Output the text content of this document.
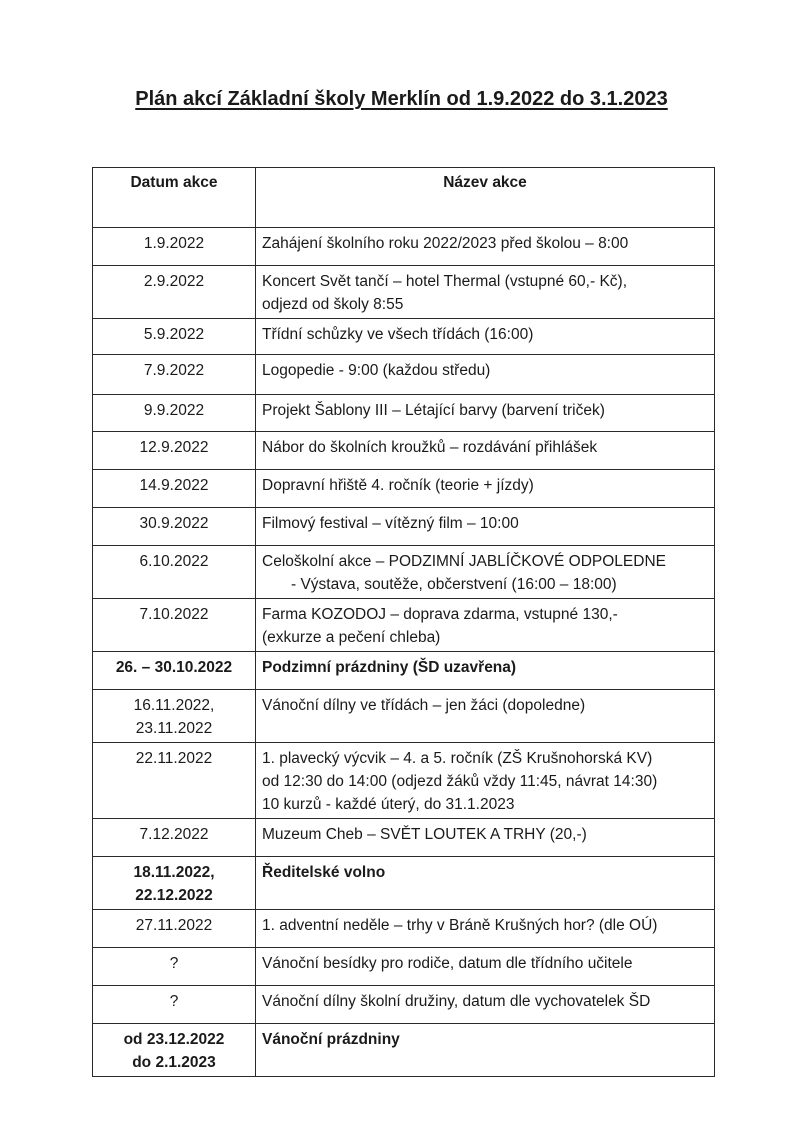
Plán akcí Základní školy Merklín od 1.9.2022 do 3.1.2023
Datum akce	Název akce

1.9.2022	Zahájení školního roku 2022/2023 před školou – 8:00

2.9.2022	Koncert Svět tančí – hotel Thermal (vstupné 60,- Kč),
odjezd od školy 8:55

5.9.2022	Třídní schůzky ve všech třídách (16:00)

7.9.2022	Logopedie - 9:00 (každou středu)

9.9.2022	Projekt Šablony III – Létající barvy (barvení triček)

12.9.2022	Nábor do školních kroužků – rozdávání přihlášek

14.9.2022	Dopravní hřiště 4. ročník (teorie + jízdy)

30.9.2022	Filmový festival – vítězný film – 10:00

6.10.2022	Celoškolní akce – PODZIMNÍ JABLÍČKOVÉ ODPOLEDNE
- Výstava, soutěže, občerstvení (16:00 – 18:00)

7.10.2022	Farma KOZODOJ – doprava zdarma, vstupné 130,-
(exkurze a pečení chleba)

26. – 30.10.2022	Podzimní prázdniny (ŠD uzavřena)

16.11.2022,
23.11.2022	Vánoční dílny ve třídách – jen žáci (dopoledne)

22.11.2022	1. plavecký výcvik – 4. a 5. ročník (ZŠ Krušnohorská KV)
od 12:30 do 14:00 (odjezd žáků vždy 11:45, návrat 14:30)
10 kurzů - každé úterý, do 31.1.2023

7.12.2022	Muzeum Cheb – SVĚT LOUTEK A TRHY (20,-)

18.11.2022,
22.12.2022	Ředitelské volno

27.11.2022	1. adventní neděle – trhy v Bráně Krušných hor? (dle OÚ)

?	Vánoční besídky pro rodiče, datum dle třídního učitele

?	Vánoční dílny školní družiny, datum dle vychovatelek ŠD

od 23.12.2022
do 2.1.2023	Vánoční prázdniny
